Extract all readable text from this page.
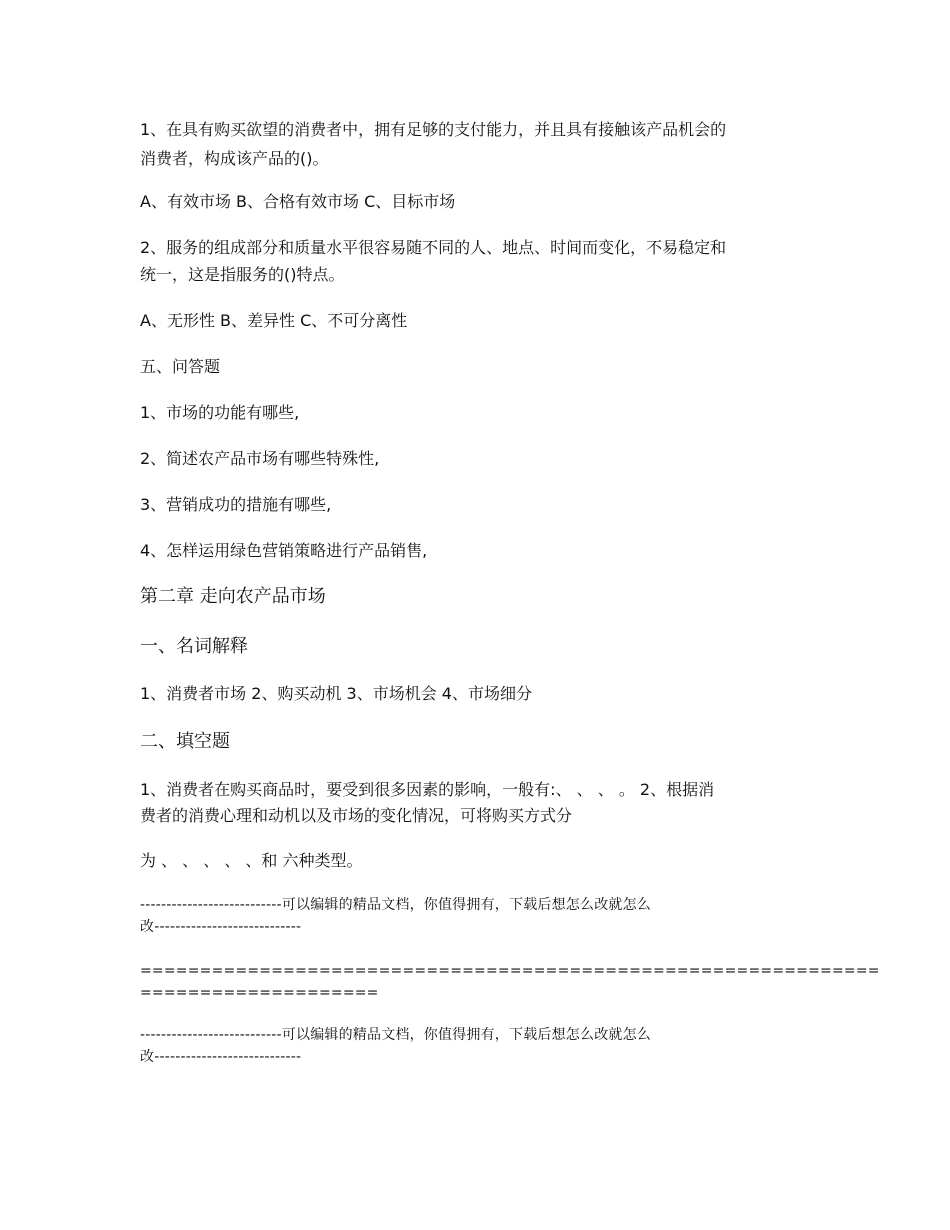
1、在具有购买欲望的消费者中，拥有足够的支付能力，并且具有接触该产品机会的
消费者，构成该产品的()。
A、有效市场 B、合格有效市场 C、目标市场
2、服务的组成部分和质量水平很容易随不同的人、地点、时间而变化，不易稳定和
统一，这是指服务的()特点。
A、无形性 B、差异性 C、不可分离性
五、问答题
1、市场的功能有哪些,
2、简述农产品市场有哪些特殊性,
3、营销成功的措施有哪些,
4、怎样运用绿色营销策略进行产品销售,
第二章 走向农产品市场
一、名词解释
1、消费者市场 2、购买动机 3、市场机会 4、市场细分
二、填空题
1、消费者在购买商品时，要受到很多因素的影响，一般有:、 、 、 。 2、根据消
费者的消费心理和动机以及市场的变化情况，可将购买方式分
为 、 、 、 、 、和 六种类型。
---------------------------可以编辑的精品文档，你值得拥有，下载后想怎么改就怎么
改----------------------------
==============================================================
====================
---------------------------可以编辑的精品文档，你值得拥有，下载后想怎么改就怎么
改----------------------------
